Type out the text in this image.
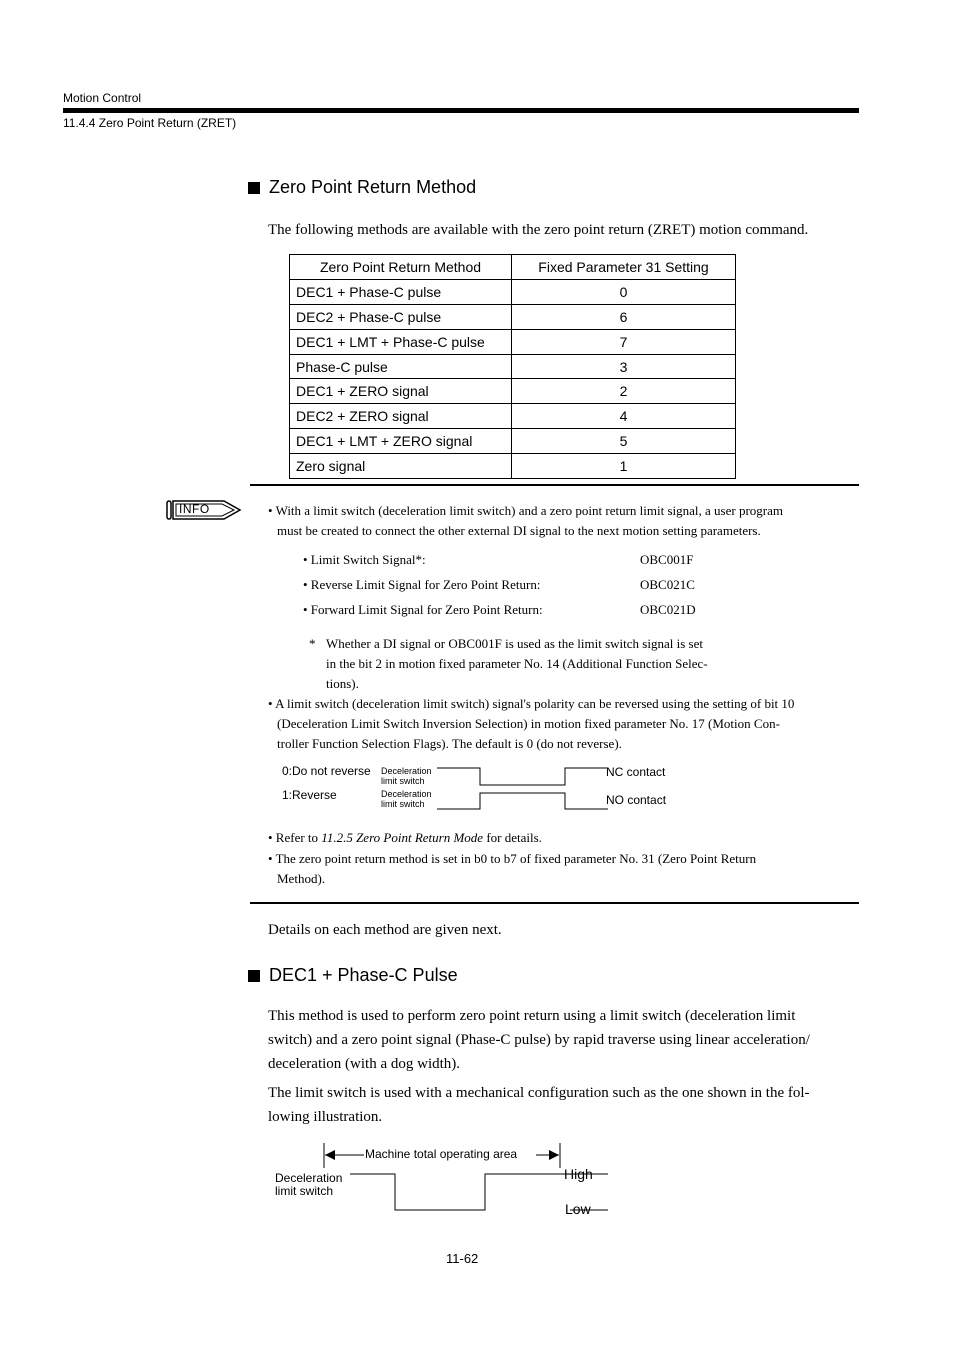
Motion Control
11.4.4 Zero Point Return (ZRET)
Zero Point Return Method
The following methods are available with the zero point return (ZRET) motion command.
Zero Point Return Method	Fixed Parameter 31 Setting
DEC1 + Phase-C pulse	0
DEC2 + Phase-C pulse	6
DEC1 + LMT + Phase-C pulse	7
Phase-C pulse	3
DEC1 + ZERO signal	2
DEC2 + ZERO signal	4
DEC1 + LMT + ZERO signal	5
Zero signal	1
INFO	• With a limit switch (deceleration limit switch) and a zero point return limit signal, a user program
must be created to connect the other external DI signal to the next motion setting parameters.
• Limit Switch Signal*:	OBC001F
• Reverse Limit Signal for Zero Point Return:	OBC021C
• Forward Limit Signal for Zero Point Return:	OBC021D
* Whether a DI signal or OBC001F is used as the limit switch signal is set
in the bit 2 in motion fixed parameter No. 14 (Additional Function Selec-
tions).
• A limit switch (deceleration limit switch) signal's polarity can be reversed using the setting of bit 10
(Deceleration Limit Switch Inversion Selection) in motion fixed parameter No. 17 (Motion Con-
troller Function Selection Flags). The default is 0 (do not reverse).
0:Do not reverse Deceleration
limit switch
NC contact
1:Reverse	Deceleration
limit switch	NO contact
• Refer to 11.2.5 Zero Point Return Mode for details.
• The zero point return method is set in b0 to b7 of fixed parameter No. 31 (Zero Point Return
Method).
Details on each method are given next.
DEC1 + Phase-C Pulse
This method is used to perform zero point return using a limit switch (deceleration limit
switch) and a zero point signal (Phase-C pulse) by rapid traverse using linear acceleration/
deceleration (with a dog width).
The limit switch is used with a mechanical configuration such as the one shown in the fol-
lowing illustration.
Machine total operating area
Deceleration
limit switch
High
Low
11-62
